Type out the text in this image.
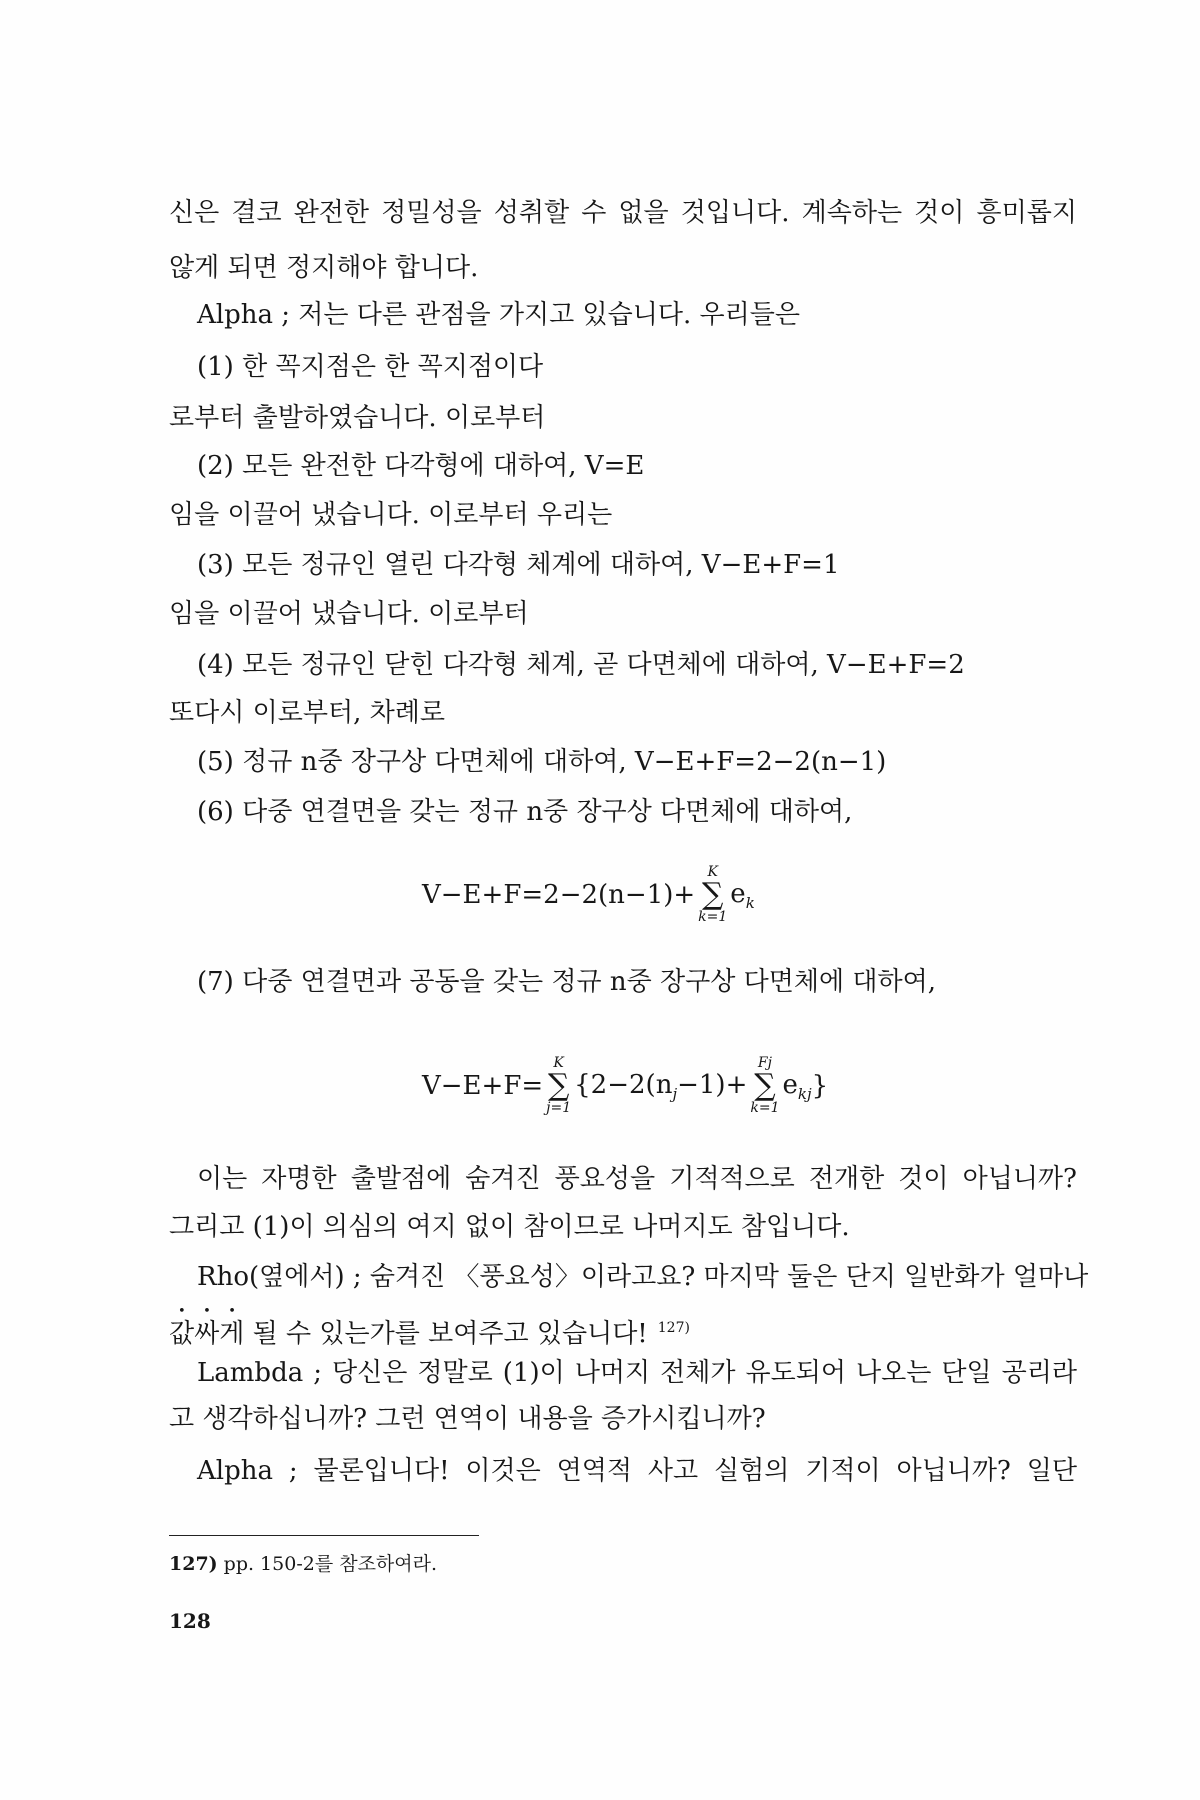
신은 결코 완전한 정밀성을 성취할 수 없을 것입니다. 계속하는 것이 흥미롭지
않게 되면 정지해야 합니다.
Alpha ; 저는 다른 관점을 가지고 있습니다. 우리들은
(1) 한 꼭지점은 한 꼭지점이다
로부터 출발하였습니다. 이로부터
(2) 모든 완전한 다각형에 대하여, V=E
임을 이끌어 냈습니다. 이로부터 우리는
(3) 모든 정규인 열린 다각형 체계에 대하여, V−E+F=1
임을 이끌어 냈습니다. 이로부터
(4) 모든 정규인 닫힌 다각형 체계, 곧 다면체에 대하여, V−E+F=2
또다시 이로부터, 차례로
(5) 정규 n중 장구상 다면체에 대하여, V−E+F=2−2(n−1)
(6) 다중 연결면을 갖는 정규 n중 장구상 다면체에 대하여,
V−E+F=2−2(n−1)+
K
∑
k=1
$e_k$
(7) 다중 연결면과 공동을 갖는 정규 n중 장구상 다면체에 대하여,
V−E+F=
K
∑
j=1
{$2-2(n_j-1)+$
Fj
∑
k=1
$e_{kj}$ }
이는 자명한 출발점에 숨겨진 풍요성을 기적적으로 전개한 것이 아닙니까?
그리고 (1)이 의심의 여지 없이 참이므로 나머지도 참입니다.
Rho(옆에서) ; 숨겨진 〈풍요성〉이라고요? 마지막 둘은 단지 일반화가 얼마나
값싸게 될 수 있는가를 보여주고 있습니다! $^{127)}$
Lambda ; 당신은 정말로 (1)이 나머지 전체가 유도되어 나오는 단일 공리라
고 생각하십니까? 그런 연역이 내용을 증가시킵니까?
Alpha ; 물론입니다! 이것은 연역적 사고 실험의 기적이 아닙니까? 일단
127) pp. 150-2를 참조하여라.
128
